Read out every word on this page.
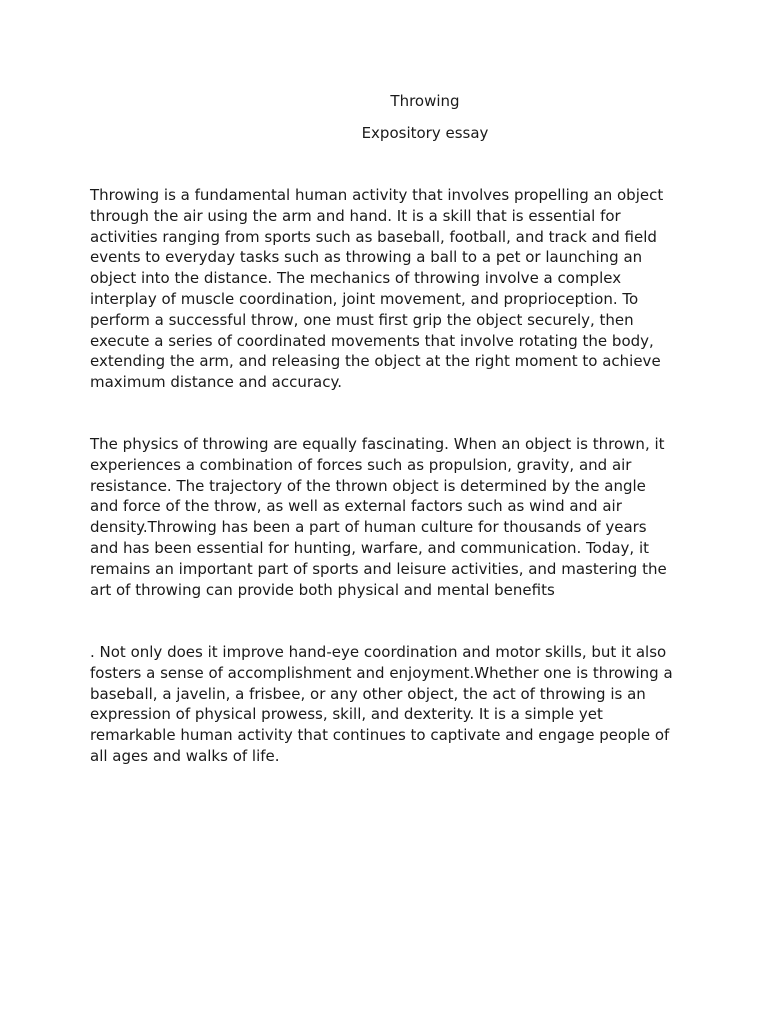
Throwing
Expository essay

Throwing is a fundamental human activity that involves propelling an object
through the air using the arm and hand. It is a skill that is essential for
activities ranging from sports such as baseball, football, and track and field
events to everyday tasks such as throwing a ball to a pet or launching an
object into the distance. The mechanics of throwing involve a complex
interplay of muscle coordination, joint movement, and proprioception. To
perform a successful throw, one must first grip the object securely, then
execute a series of coordinated movements that involve rotating the body,
extending the arm, and releasing the object at the right moment to achieve
maximum distance and accuracy.

The physics of throwing are equally fascinating. When an object is thrown, it
experiences a combination of forces such as propulsion, gravity, and air
resistance. The trajectory of the thrown object is determined by the angle
and force of the throw, as well as external factors such as wind and air
density.Throwing has been a part of human culture for thousands of years
and has been essential for hunting, warfare, and communication. Today, it
remains an important part of sports and leisure activities, and mastering the
art of throwing can provide both physical and mental benefits

. Not only does it improve hand-eye coordination and motor skills, but it also
fosters a sense of accomplishment and enjoyment.Whether one is throwing a
baseball, a javelin, a frisbee, or any other object, the act of throwing is an
expression of physical prowess, skill, and dexterity. It is a simple yet
remarkable human activity that continues to captivate and engage people of
all ages and walks of life.
